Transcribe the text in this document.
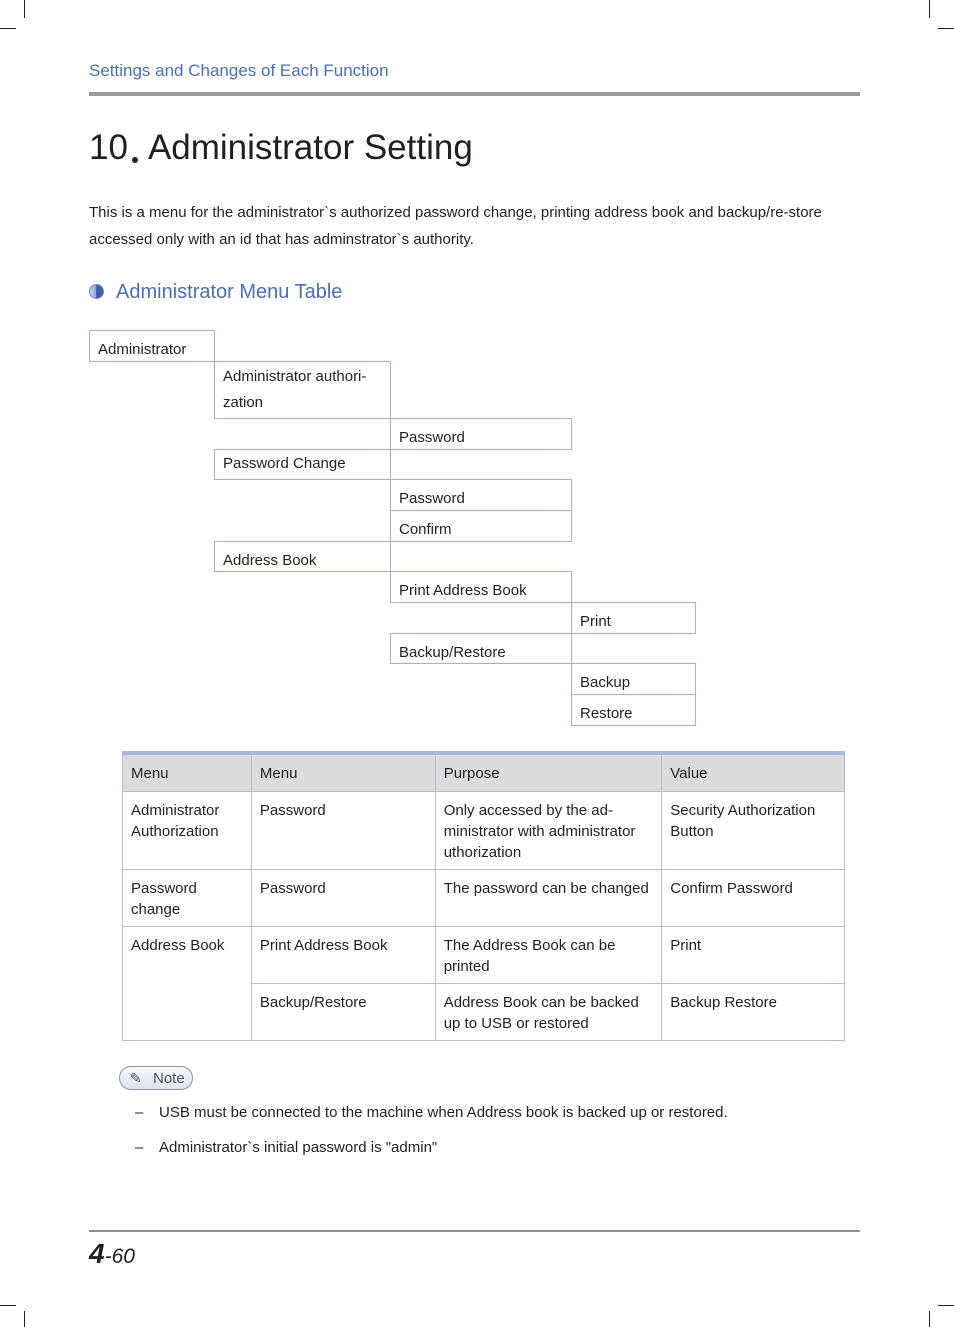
Settings and Changes of Each Function
10 Administrator Setting
This is a menu for the administrator`s authorized password change, printing address book and backup/re-store accessed only with an id that has adminstrator`s authority.
Administrator Menu Table
Administrator
Administrator authori-zation
Password
Password Change
Password
Confirm
Address Book
Print Address Book
Print
Backup/Restore
Backup
Restore
Menu	Menu	Purpose	Value
Administrator Authorization	Password	Only accessed by the ad-ministrator with administrator uthorization	Security Authorization Button
Password change	Password	The password can be changed	Confirm Password
Address Book	Print Address Book	The Address Book can be printed	Print
	Backup/Restore	Address Book can be backed up to USB or restored	Backup Restore
✎ Note
– USB must be connected to the machine when Address book is backed up or restored.
– Administrator`s initial password is "admin"
4-60
